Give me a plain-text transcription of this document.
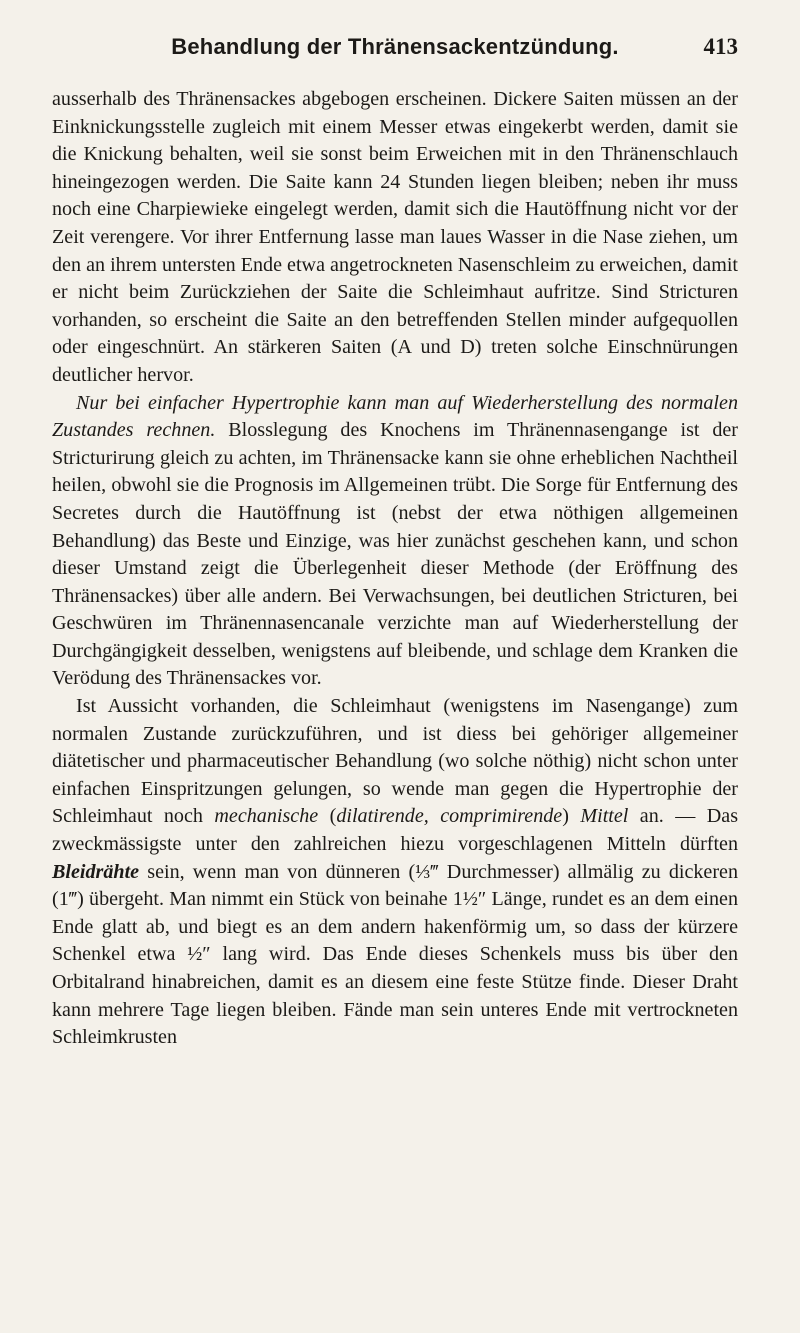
Behandlung der Thränensackentzündung.	413

ausserhalb des Thränensackes abgebogen erscheinen. Dickere Saiten müssen an der Einknickungsstelle zugleich mit einem Messer etwas eingekerbt werden, damit sie die Knickung behalten, weil sie sonst beim Erweichen mit in den Thränenschlauch hineingezogen werden. Die Saite kann 24 Stunden liegen bleiben; neben ihr muss noch eine Charpiewieke eingelegt werden, damit sich die Hautöffnung nicht vor der Zeit verengere. Vor ihrer Entfernung lasse man laues Wasser in die Nase ziehen, um den an ihrem untersten Ende etwa angetrockneten Nasenschleim zu erweichen, damit er nicht beim Zurückziehen der Saite die Schleimhaut aufritze. Sind Stricturen vorhanden, so erscheint die Saite an den betreffenden Stellen minder aufgequollen oder eingeschnürt. An stärkeren Saiten (A und D) treten solche Einschnürungen deutlicher hervor.

Nur bei einfacher Hypertrophie kann man auf Wiederherstellung des normalen Zustandes rechnen. Blosslegung des Knochens im Thränennasengange ist der Stricturirung gleich zu achten, im Thränensacke kann sie ohne erheblichen Nachtheil heilen, obwohl sie die Prognosis im Allgemeinen trübt. Die Sorge für Entfernung des Secretes durch die Hautöffnung ist (nebst der etwa nöthigen allgemeinen Behandlung) das Beste und Einzige, was hier zunächst geschehen kann, und schon dieser Umstand zeigt die Überlegenheit dieser Methode (der Eröffnung des Thränensackes) über alle andern. Bei Verwachsungen, bei deutlichen Stricturen, bei Geschwüren im Thränennasencanale verzichte man auf Wiederherstellung der Durchgängigkeit desselben, wenigstens auf bleibende, und schlage dem Kranken die Verödung des Thränensackes vor.

Ist Aussicht vorhanden, die Schleimhaut (wenigstens im Nasengange) zum normalen Zustande zurückzuführen, und ist diess bei gehöriger allgemeiner diätetischer und pharmaceutischer Behandlung (wo solche nöthig) nicht schon unter einfachen Einspritzungen gelungen, so wende man gegen die Hypertrophie der Schleimhaut noch mechanische (dilatirende, comprimirende) Mittel an. — Das zweckmässigste unter den zahlreichen hiezu vorgeschlagenen Mitteln dürften Bleidrähte sein, wenn man von dünneren (⅓‴ Durchmesser) allmälig zu dickeren (1‴) übergeht. Man nimmt ein Stück von beinahe 1½″ Länge, rundet es an dem einen Ende glatt ab, und biegt es an dem andern hakenförmig um, so dass der kürzere Schenkel etwa ½″ lang wird. Das Ende dieses Schenkels muss bis über den Orbitalrand hinabreichen, damit es an diesem eine feste Stütze finde. Dieser Draht kann mehrere Tage liegen bleiben. Fände man sein unteres Ende mit vertrockneten Schleimkrusten
